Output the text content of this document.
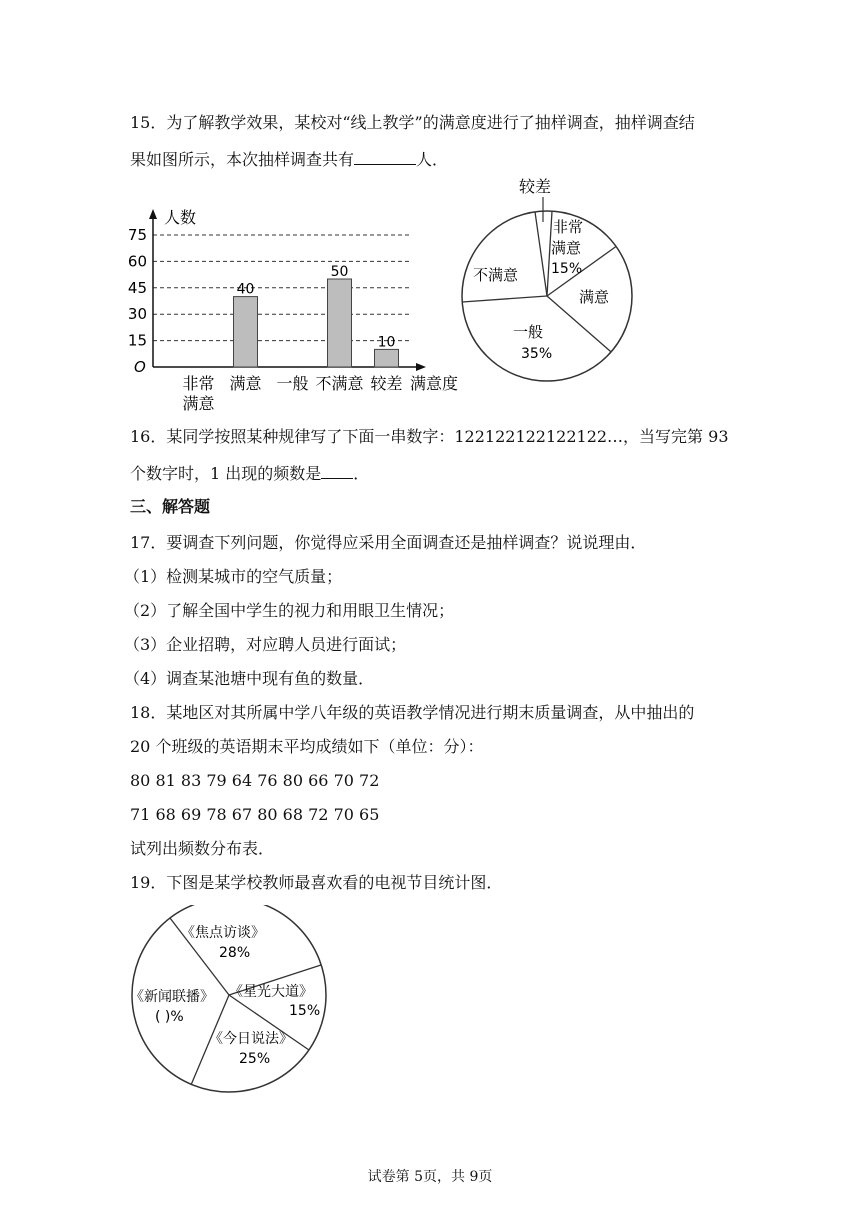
15．为了解教学效果，某校对“线上教学”的满意度进行了抽样调查，抽样调查结
果如图所示，本次抽样调查共有	人．
人数
O
满意度
75
60
45
30
15
40
50
10
非常
满意
满意 一般 不满意 较差
较差
非常
满意
15%
满意
一般
35%
不满意
16．某同学按照某种规律写了下面一串数字：122122122122122…，当写完第 93
个数字时，1 出现的频数是 ．
三、解答题
17．要调查下列问题，你觉得应采用全面调查还是抽样调查？说说理由．
（1）检测某城市的空气质量；
（2）了解全国中学生的视力和用眼卫生情况；
（3）企业招聘，对应聘人员进行面试；
（4）调查某池塘中现有鱼的数量．
18．某地区对其所属中学八年级的英语教学情况进行期末质量调查，从中抽出的
20 个班级的英语期末平均成绩如下（单位：分）：
80 81 83 79 64 76 80 66 70 72
71 68 69 78 67 80 68 72 70 65
试列出频数分布表．
19．下图是某学校教师最喜欢看的电视节目统计图．
《焦点访谈》
28%
《新闻联播》
( )%
《星光大道》
15%
《今日说法》
25%
试卷第 5页，共 9页
